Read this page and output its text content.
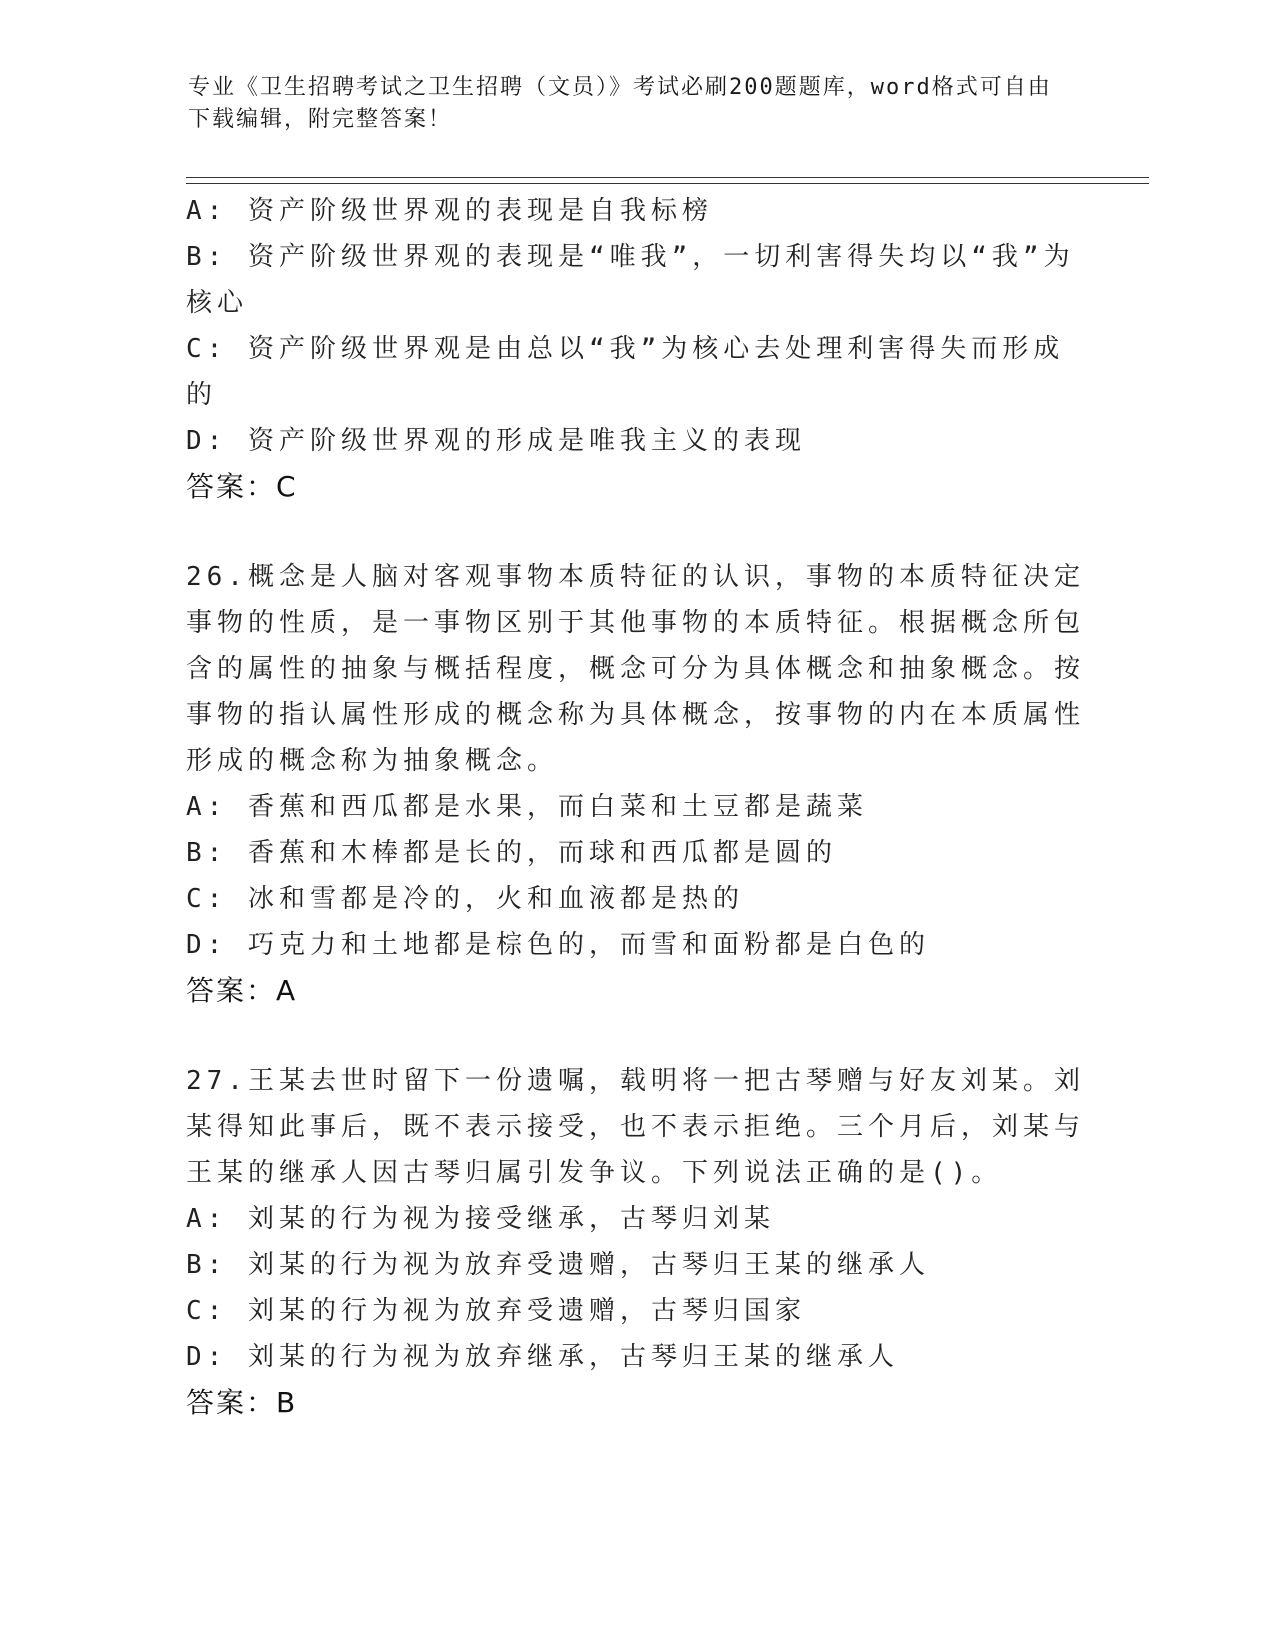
专业《卫生招聘考试之卫生招聘（文员）》考试必刷200题题库，word格式可自由下载编辑，附完整答案！

A: 资产阶级世界观的表现是自我标榜

B: 资产阶级世界观的表现是“唯我”，一切利害得失均以“我”为核心

C: 资产阶级世界观是由总以“我”为核心去处理利害得失而形成的

D: 资产阶级世界观的形成是唯我主义的表现

答案：C

26.概念是人脑对客观事物本质特征的认识，事物的本质特征决定事物的性质，是一事物区别于其他事物的本质特征。根据概念所包含的属性的抽象与概括程度，概念可分为具体概念和抽象概念。按事物的指认属性形成的概念称为具体概念，按事物的内在本质属性形成的概念称为抽象概念。

A: 香蕉和西瓜都是水果，而白菜和土豆都是蔬菜

B: 香蕉和木棒都是长的，而球和西瓜都是圆的

C: 冰和雪都是冷的，火和血液都是热的

D: 巧克力和土地都是棕色的，而雪和面粉都是白色的

答案：A

27.王某去世时留下一份遗嘱，载明将一把古琴赠与好友刘某。刘某得知此事后，既不表示接受，也不表示拒绝。三个月后，刘某与王某的继承人因古琴归属引发争议。下列说法正确的是()。

A: 刘某的行为视为接受继承，古琴归刘某

B: 刘某的行为视为放弃受遗赠，古琴归王某的继承人

C: 刘某的行为视为放弃受遗赠，古琴归国家

D: 刘某的行为视为放弃继承，古琴归王某的继承人

答案：B
